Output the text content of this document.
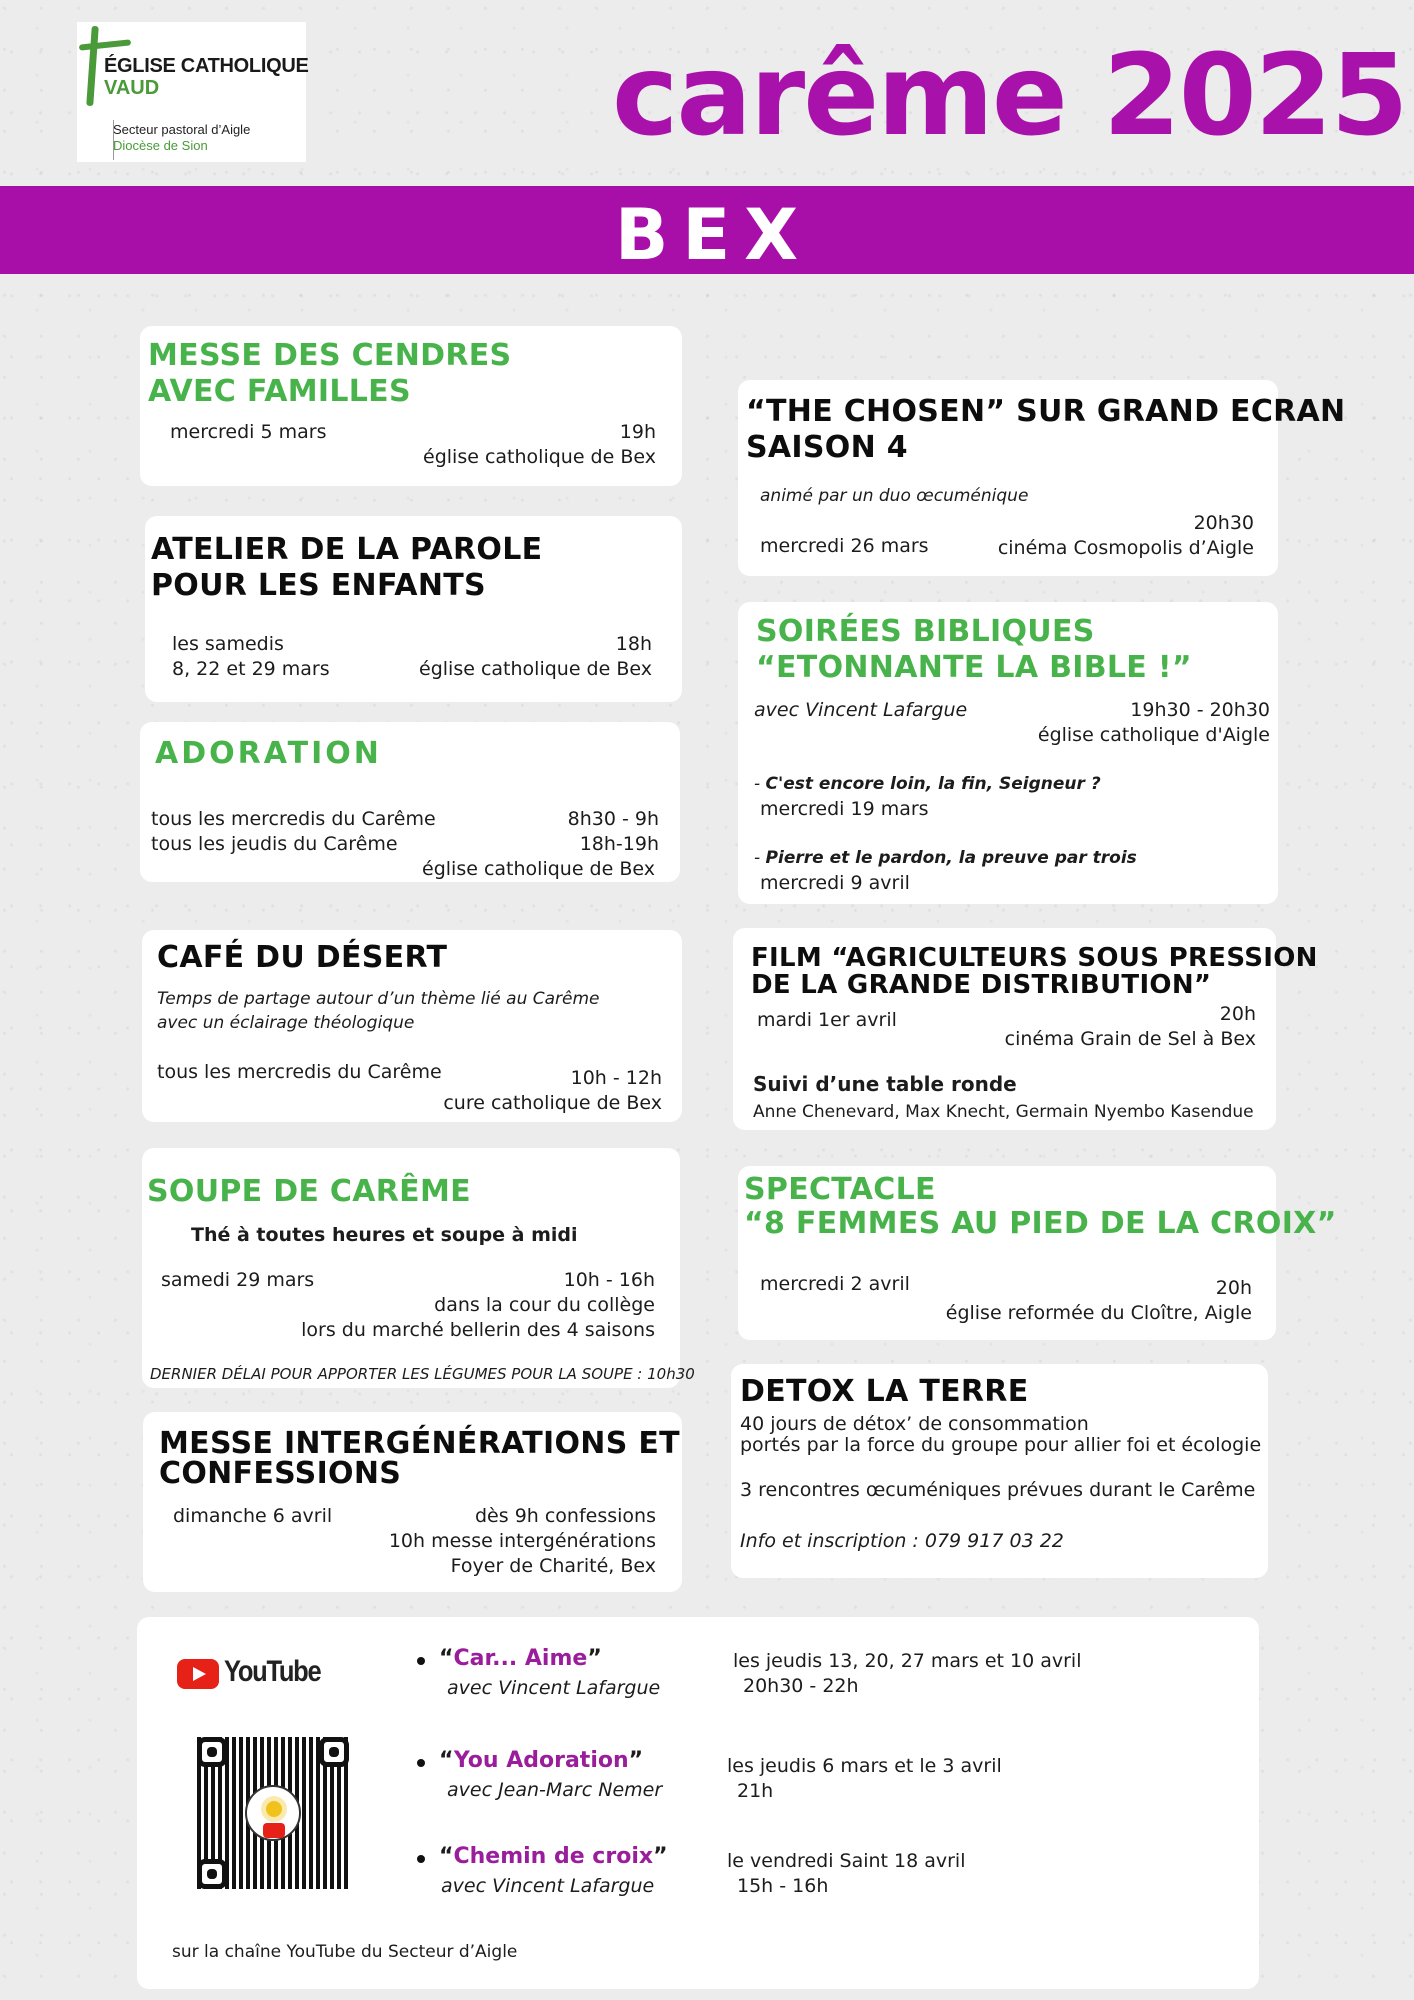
ÉGLISE CATHOLIQUE
VAUD
Secteur pastoral d’Aigle
Diocèse de Sion	carême 2025
BEX
MESSE DES CENDRES
AVEC FAMILLES
mercredi 5 mars	19h
église catholique de Bex
ATELIER DE LA PAROLE
POUR LES ENFANTS
les samedis
8, 22 et 29 mars
18h
église catholique de Bex
ADORATION
tous les mercredis du Carême	8h30 - 9h
tous les jeudis du Carême	18h-19h
église catholique de Bex
CAFÉ DU DÉSERT
Temps de partage autour d’un thème lié au Carême
avec un éclairage théologique
tous les mercredis du Carême	10h - 12h
cure catholique de Bex
SOUPE DE CARÊME
Thé à toutes heures et soupe à midi
samedi 29 mars	10h - 16h
dans la cour du collège
lors du marché bellerin des 4 saisons
DERNIER DÉLAI POUR APPORTER LES LÉGUMES POUR LA SOUPE : 10h30
MESSE INTERGÉNÉRATIONS ET
CONFESSIONS
dimanche 6 avril	dès 9h confessions
10h messe intergénérations
Foyer de Charité, Bex
“THE CHOSEN” SUR GRAND ECRAN
SAISON 4
animé par un duo œcuménique
20h30
mercredi 26 mars	cinéma Cosmopolis d’Aigle
SOIRÉES BIBLIQUES
“ETONNANTE LA BIBLE !”
avec Vincent Lafargue	19h30 - 20h30
église catholique d'Aigle
- C'est encore loin, la fin, Seigneur ?
mercredi 19 mars
- Pierre et le pardon, la preuve par trois
mercredi 9 avril
FILM “AGRICULTEURS SOUS PRESSION
DE LA GRANDE DISTRIBUTION”
mardi 1er avril	20h
cinéma Grain de Sel à Bex
Suivi d’une table ronde
Anne Chenevard, Max Knecht, Germain Nyembo Kasendue
SPECTACLE
“8 FEMMES AU PIED DE LA CROIX”
mercredi 2 avril	20h
église reformée du Cloître, Aigle
DETOX LA TERRE
40 jours de détox’ de consommation
portés par la force du groupe pour allier foi et écologie
3 rencontres œcuméniques prévues durant le Carême
Info et inscription : 079 917 03 22
YouTube	“Car... Aime”
avec Vincent Lafargue
les jeudis 13, 20, 27 mars et 10 avril
20h30 - 22h
“You Adoration”
avec Jean-Marc Nemer
les jeudis 6 mars et le 3 avril
21h
“Chemin de croix”
avec Vincent Lafargue
le vendredi Saint 18 avril
15h - 16h
sur la chaîne YouTube du Secteur d’Aigle
